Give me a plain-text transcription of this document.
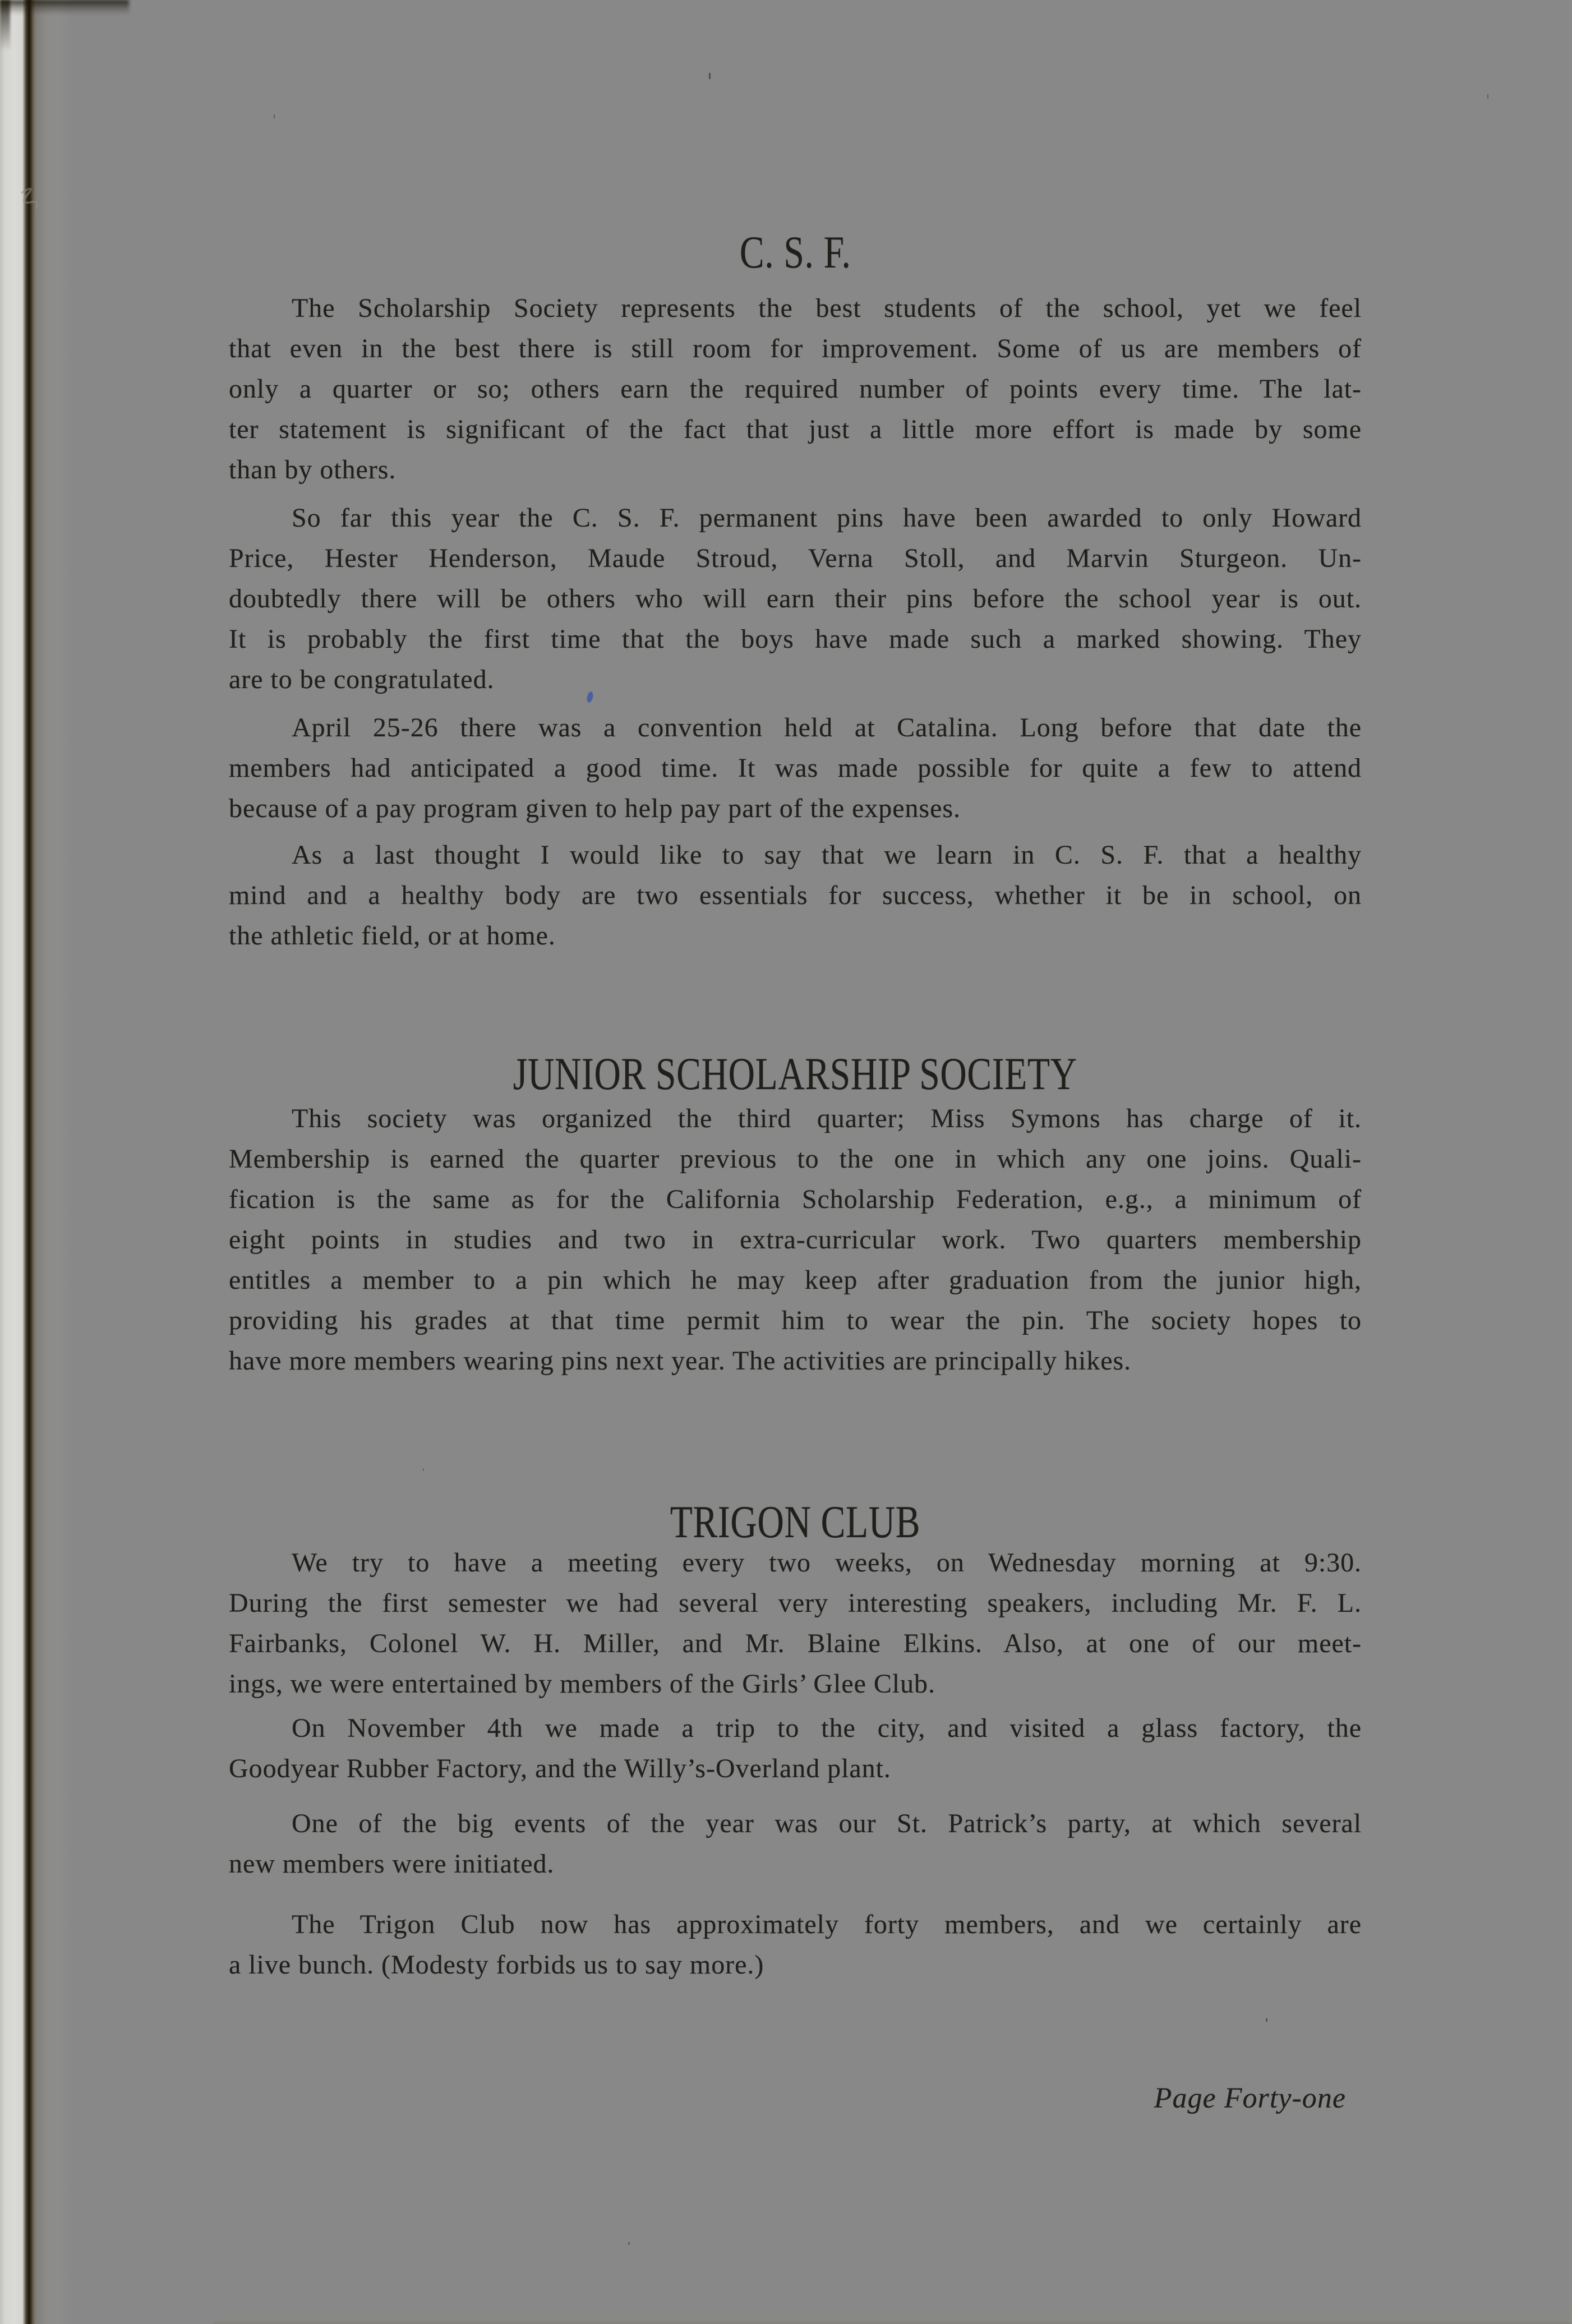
C. S. F.
The Scholarship Society represents the best students of the school, yet we feel
that even in the best there is still room for improvement. Some of us are members of
only a quarter or so; others earn the required number of points every time. The lat-
ter statement is significant of the fact that just a little more effort is made by some
than by others.
So far this year the C. S. F. permanent pins have been awarded to only Howard
Price, Hester Henderson, Maude Stroud, Verna Stoll, and Marvin Sturgeon. Un-
doubtedly there will be others who will earn their pins before the school year is out.
It is probably the first time that the boys have made such a marked showing. They
are to be congratulated.
April 25-26 there was a convention held at Catalina. Long before that date the
members had anticipated a good time. It was made possible for quite a few to attend
because of a pay program given to help pay part of the expenses.
As a last thought I would like to say that we learn in C. S. F. that a healthy
mind and a healthy body are two essentials for success, whether it be in school, on
the athletic field, or at home.
JUNIOR SCHOLARSHIP SOCIETY
This society was organized the third quarter; Miss Symons has charge of it.
Membership is earned the quarter previous to the one in which any one joins. Quali-
fication is the same as for the California Scholarship Federation, e.g., a minimum of
eight points in studies and two in extra-curricular work. Two quarters membership
entitles a member to a pin which he may keep after graduation from the junior high,
providing his grades at that time permit him to wear the pin. The society hopes to
have more members wearing pins next year. The activities are principally hikes.
TRIGON CLUB
We try to have a meeting every two weeks, on Wednesday morning at 9:30.
During the first semester we had several very interesting speakers, including Mr. F. L.
Fairbanks, Colonel W. H. Miller, and Mr. Blaine Elkins. Also, at one of our meet-
ings, we were entertained by members of the Girls’ Glee Club.
On November 4th we made a trip to the city, and visited a glass factory, the
Goodyear Rubber Factory, and the Willy’s-Overland plant.
One of the big events of the year was our St. Patrick’s party, at which several
new members were initiated.
The Trigon Club now has approximately forty members, and we certainly are
a live bunch. (Modesty forbids us to say more.)
Page Forty-one
